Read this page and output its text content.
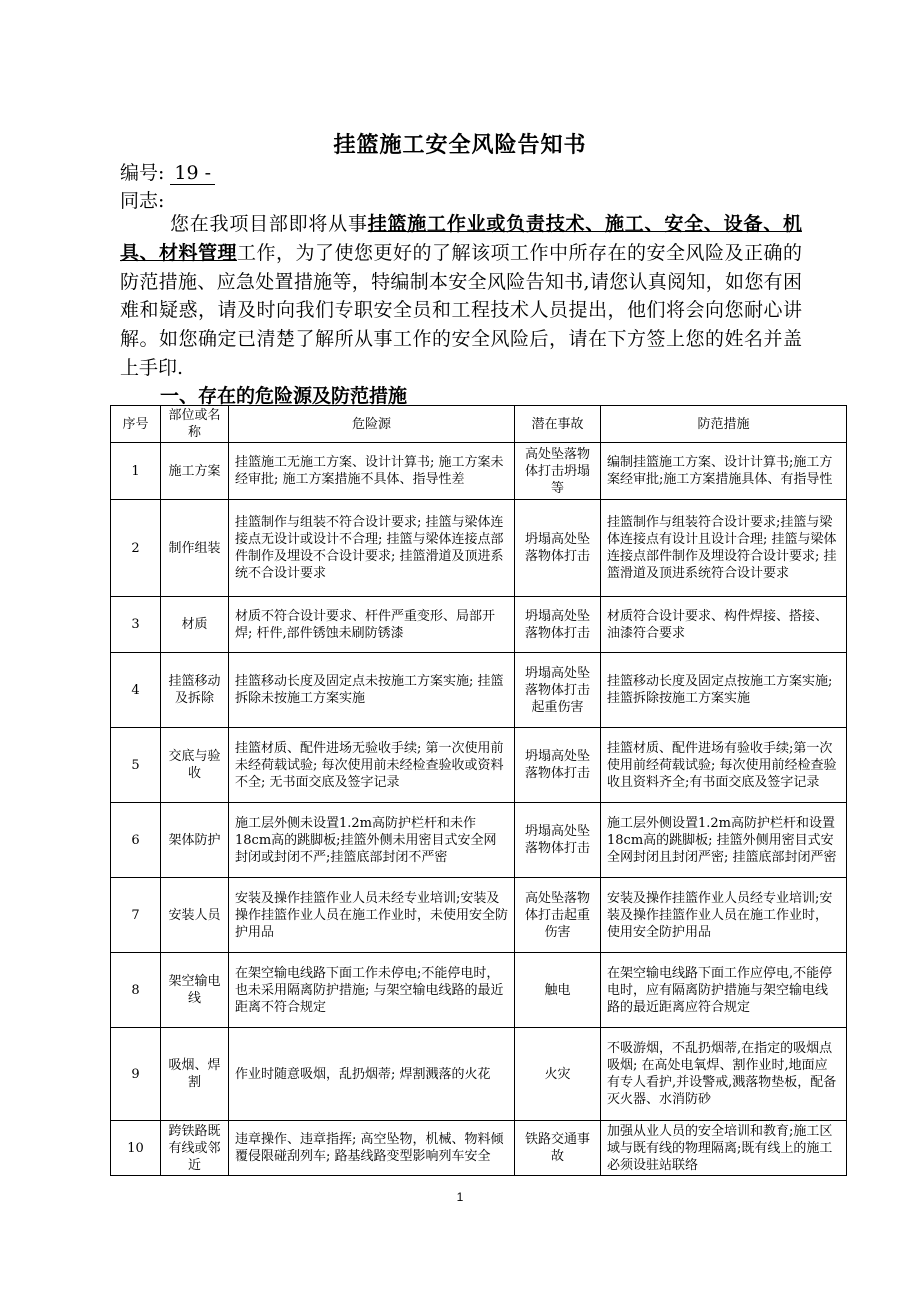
挂篮施工安全风险告知书
编号: 19 -
同志:
您在我项目部即将从事挂篮施工作业或负责技术、施工、安全、设备、机具、材料管理工作，为了使您更好的了解该项工作中所存在的安全风险及正确的防范措施、应急处置措施等，特编制本安全风险告知书,请您认真阅知，如您有困难和疑惑，请及时向我们专职安全员和工程技术人员提出，他们将会向您耐心讲解。如您确定已清楚了解所从事工作的安全风险后，请在下方签上您的姓名并盖上手印.
一、存在的危险源及防范措施
序号	部位或名称	危险源	潜在事故	防范措施
1	施工方案	挂篮施工无施工方案、设计计算书; 施工方案未经审批; 施工方案措施不具体、指导性差	高处坠落物体打击坍塌等	编制挂篮施工方案、设计计算书;施工方案经审批;施工方案措施具体、有指导性
2	制作组装	挂篮制作与组装不符合设计要求; 挂篮与梁体连接点无设计或设计不合理; 挂篮与梁体连接点部件制作及埋设不合设计要求; 挂篮滑道及顶进系统不合设计要求	坍塌高处坠落物体打击	挂篮制作与组装符合设计要求;挂篮与梁体连接点有设计且设计合理; 挂篮与梁体连接点部件制作及埋设符合设计要求; 挂篮滑道及顶进系统符合设计要求
3	材质	材质不符合设计要求、杆件严重变形、局部开焊; 杆件,部件锈蚀未刷防锈漆	坍塌高处坠落物体打击	材质符合设计要求、构件焊接、搭接、油漆符合要求
4	挂篮移动及拆除	挂篮移动长度及固定点未按施工方案实施; 挂篮拆除未按施工方案实施	坍塌高处坠落物体打击起重伤害	挂篮移动长度及固定点按施工方案实施; 挂篮拆除按施工方案实施
5	交底与验收	挂篮材质、配件进场无验收手续; 第一次使用前未经荷载试验; 每次使用前未经检查验收或资料不全; 无书面交底及签字记录	坍塌高处坠落物体打击	挂篮材质、配件进场有验收手续;第一次使用前经荷载试验; 每次使用前经检查验收且资料齐全;有书面交底及签字记录
6	架体防护	施工层外侧未设置1.2m高防护栏杆和未作18cm高的跳脚板;挂篮外侧未用密目式安全网封闭或封闭不严;挂篮底部封闭不严密	坍塌高处坠落物体打击	施工层外侧设置1.2m高防护栏杆和设置18cm高的跳脚板; 挂篮外侧用密目式安全网封闭且封闭严密; 挂篮底部封闭严密
7	安装人员	安装及操作挂篮作业人员未经专业培训;安装及操作挂篮作业人员在施工作业时，未使用安全防护用品	高处坠落物体打击起重伤害	安装及操作挂篮作业人员经专业培训;安装及操作挂篮作业人员在施工作业时，使用安全防护用品
8	架空输电线	在架空输电线路下面工作未停电;不能停电时，也未采用隔离防护措施; 与架空输电线路的最近距离不符合规定	触电	在架空输电线路下面工作应停电,不能停电时，应有隔离防护措施与架空输电线路的最近距离应符合规定
9	吸烟、焊割	作业时随意吸烟，乱扔烟蒂; 焊割溅落的火花	火灾	不吸游烟，不乱扔烟蒂,在指定的吸烟点吸烟; 在高处电氧焊、割作业时,地面应有专人看护,并设警戒,溅落物垫板，配备灭火器、水消防砂
10	跨铁路既有线或邻近	违章操作、违章指挥; 高空坠物，机械、物料倾覆侵限碰刮列车; 路基线路变型影响列车安全	铁路交通事故	加强从业人员的安全培训和教育;施工区域与既有线的物理隔离;既有线上的施工必须设驻站联络
1
